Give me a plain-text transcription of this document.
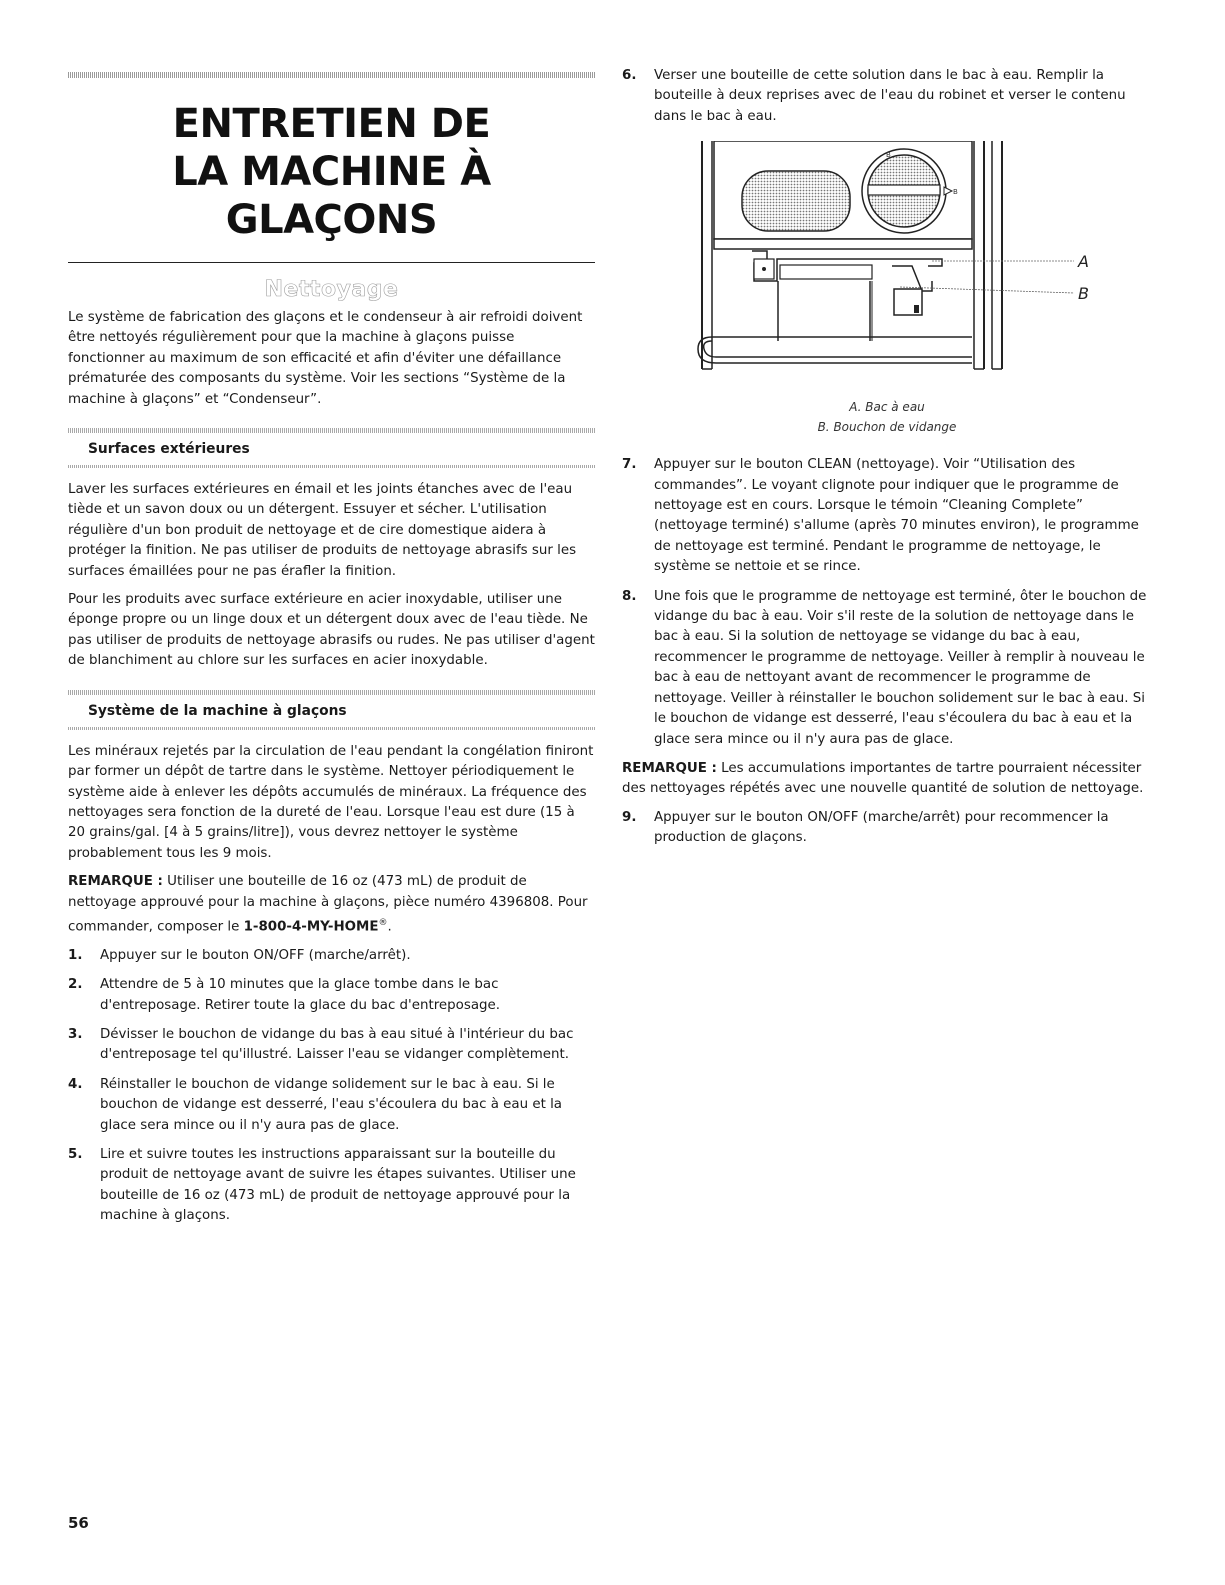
ENTRETIEN DE
LA MACHINE À GLAÇONS
Nettoyage

Le système de fabrication des glaçons et le condenseur à air refroidi doivent être nettoyés régulièrement pour que la machine à glaçons puisse fonctionner au maximum de son efficacité et afin d'éviter une défaillance prématurée des composants du système. Voir les sections “Système de la machine à glaçons” et “Condenseur”.

Surfaces extérieures

Laver les surfaces extérieures en émail et les joints étanches avec de l'eau tiède et un savon doux ou un détergent. Essuyer et sécher. L'utilisation régulière d'un bon produit de nettoyage et de cire domestique aidera à protéger la finition. Ne pas utiliser de produits de nettoyage abrasifs sur les surfaces émaillées pour ne pas érafler la finition.

Pour les produits avec surface extérieure en acier inoxydable, utiliser une éponge propre ou un linge doux et un détergent doux avec de l'eau tiède. Ne pas utiliser de produits de nettoyage abrasifs ou rudes. Ne pas utiliser d'agent de blanchiment au chlore sur les surfaces en acier inoxydable.

Système de la machine à glaçons

Les minéraux rejetés par la circulation de l'eau pendant la congélation finiront par former un dépôt de tartre dans le système. Nettoyer périodiquement le système aide à enlever les dépôts accumulés de minéraux. La fréquence des nettoyages sera fonction de la dureté de l'eau. Lorsque l'eau est dure (15 à 20 grains/gal. [4 à 5 grains/litre]), vous devrez nettoyer le système probablement tous les 9 mois.

REMARQUE : Utiliser une bouteille de 16 oz (473 mL) de produit de nettoyage approuvé pour la machine à glaçons, pièce numéro 4396808. Pour commander, composer le 1-800-4-MY-HOME®.

1.	Appuyer sur le bouton ON/OFF (marche/arrêt).
2.	Attendre de 5 à 10 minutes que la glace tombe dans le bac d'entreposage. Retirer toute la glace du bac d'entreposage.
3.	Dévisser le bouchon de vidange du bas à eau situé à l'intérieur du bac d'entreposage tel qu'illustré. Laisser l'eau se vidanger complètement.
4.	Réinstaller le bouchon de vidange solidement sur le bac à eau. Si le bouchon de vidange est desserré, l'eau s'écoulera du bac à eau et la glace sera mince ou il n'y aura pas de glace.
5.	Lire et suivre toutes les instructions apparaissant sur la bouteille du produit de nettoyage avant de suivre les étapes suivantes. Utiliser une bouteille de 16 oz (473 mL) de produit de nettoyage approuvé pour la machine à glaçons.
6.	Verser une bouteille de cette solution dans le bac à eau. Remplir la bouteille à deux reprises avec de l'eau du robinet et verser le contenu dans le bac à eau.
B
B
A
B
A. Bac à eau
B. Bouchon de vidange
7.	Appuyer sur le bouton CLEAN (nettoyage). Voir “Utilisation des commandes”. Le voyant clignote pour indiquer que le programme de nettoyage est en cours. Lorsque le témoin “Cleaning Complete” (nettoyage terminé) s'allume (après 70 minutes environ), le programme de nettoyage est terminé. Pendant le programme de nettoyage, le système se nettoie et se rince.
8.	Une fois que le programme de nettoyage est terminé, ôter le bouchon de vidange du bac à eau. Voir s'il reste de la solution de nettoyage dans le bac à eau. Si la solution de nettoyage se vidange du bac à eau, recommencer le programme de nettoyage. Veiller à remplir à nouveau le bac à eau de nettoyant avant de recommencer le programme de nettoyage. Veiller à réinstaller le bouchon solidement sur le bac à eau. Si le bouchon de vidange est desserré, l'eau s'écoulera du bac à eau et la glace sera mince ou il n'y aura pas de glace.

REMARQUE : Les accumulations importantes de tartre pourraient nécessiter des nettoyages répétés avec une nouvelle quantité de solution de nettoyage.

9.	Appuyer sur le bouton ON/OFF (marche/arrêt) pour recommencer la production de glaçons.
56
